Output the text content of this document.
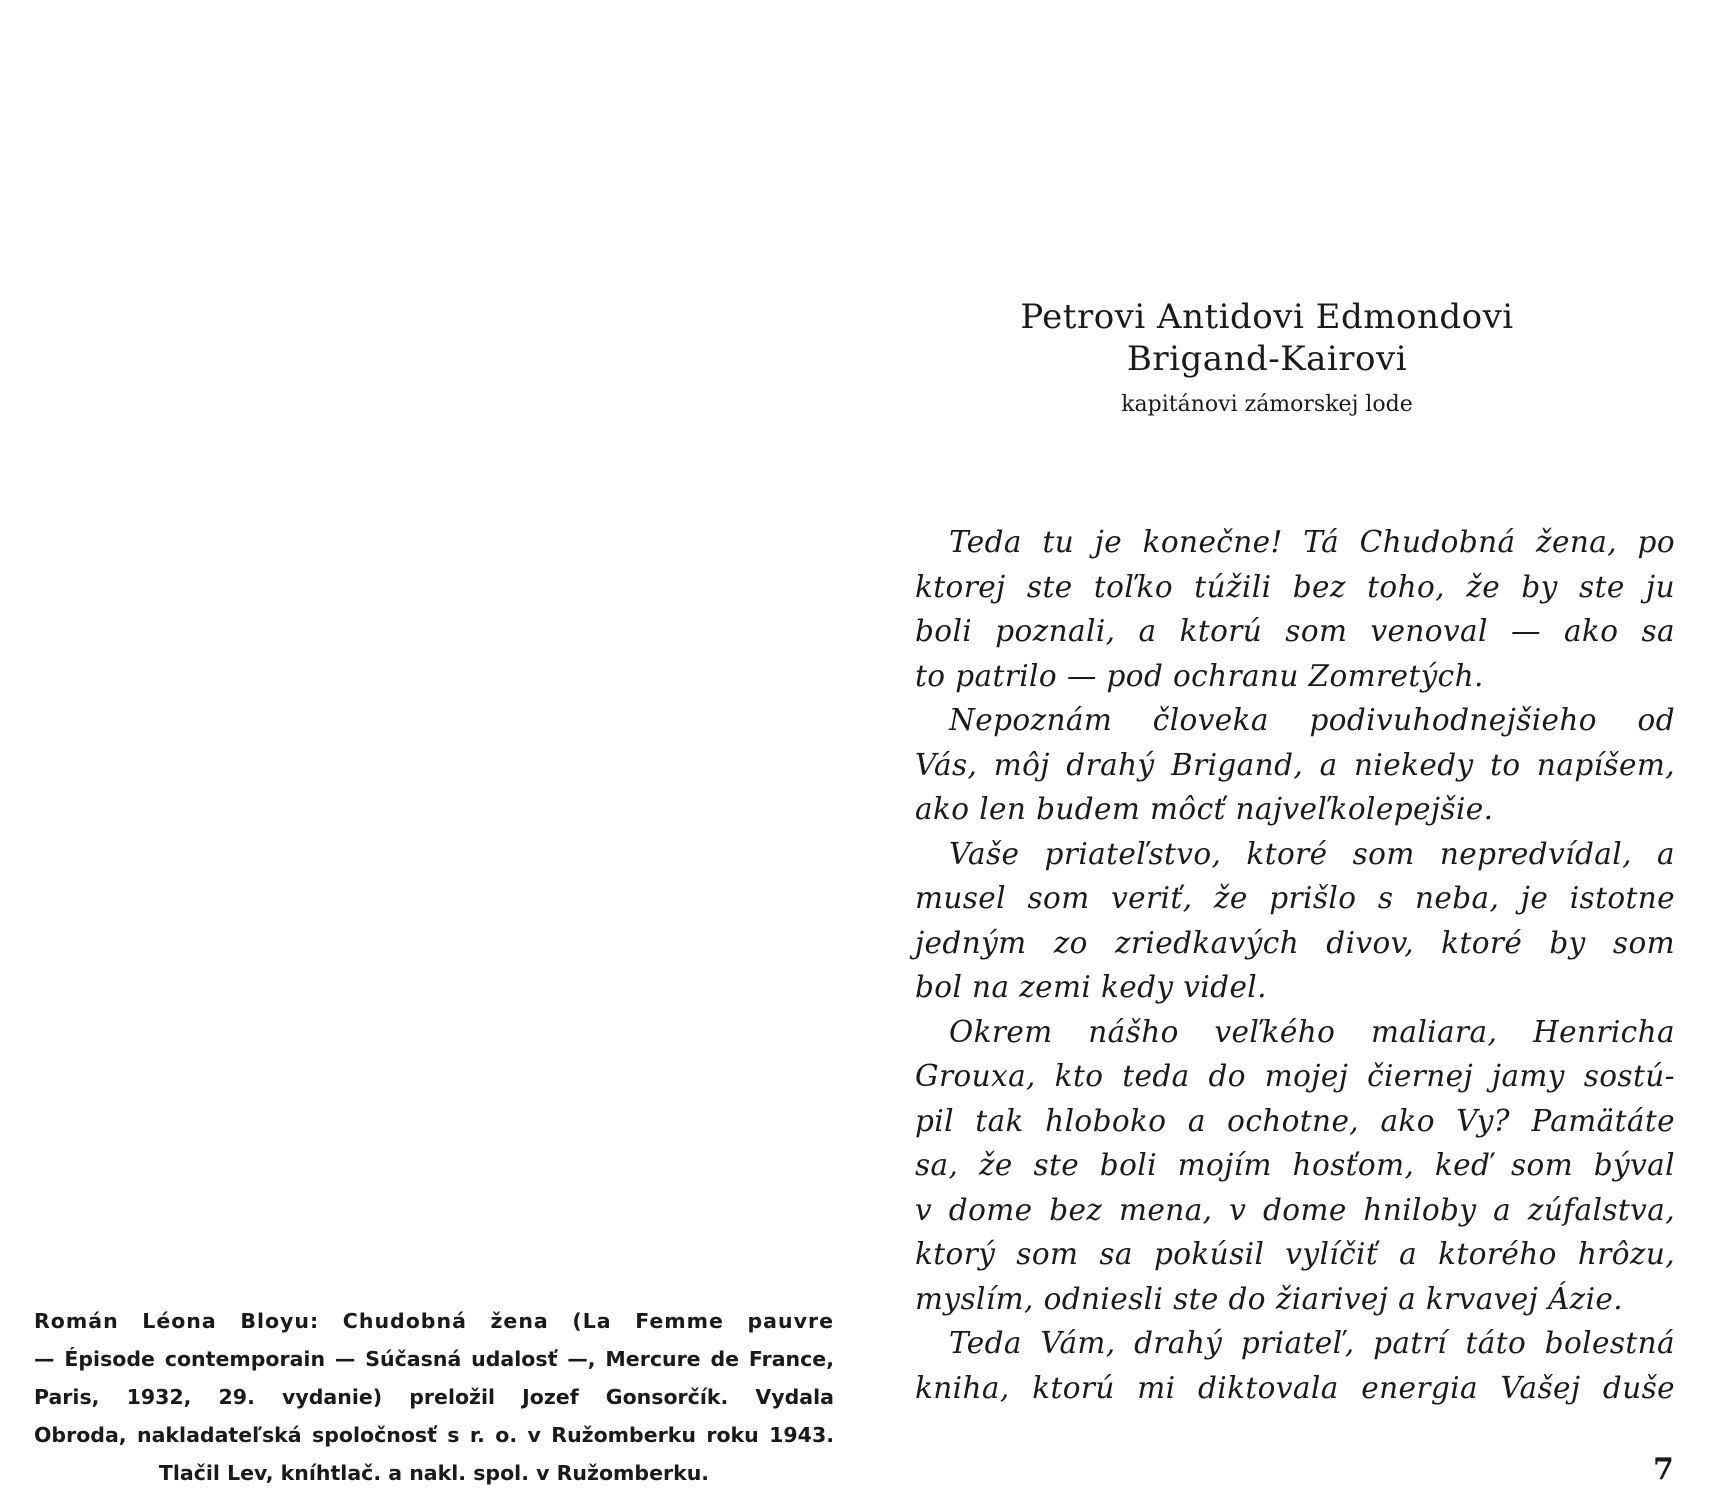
Román Léona Bloyu: Chudobná žena (La Femme pauvre
— Épisode contemporain — Súčasná udalosť —, Mercure de France,
Paris, 1932, 29. vydanie) preložil Jozef Gonsorčík. Vydala
Obroda, nakladateľská spoločnosť s r. o. v Ružomberku roku 1943.
Tlačil Lev, kníhtlač. a nakl. spol. v Ružomberku.
Petrovi Antidovi Edmondovi
Brigand-Kairovi
kapitánovi zámorskej lode
Teda tu je konečne! Tá Chudobná žena, po
ktorej ste toľko túžili bez toho, že by ste ju
boli poznali, a ktorú som venoval — ako sa
to patrilo — pod ochranu Zomretých.
Nepoznám človeka podivuhodnejšieho od
Vás, môj drahý Brigand, a niekedy to napíšem,
ako len budem môcť najveľkolepejšie.
Vaše priateľstvo, ktoré som nepredvídal, a
musel som veriť, že prišlo s neba, je istotne
jedným zo zriedkavých divov, ktoré by som
bol na zemi kedy videl.
Okrem nášho veľkého maliara, Henricha
Grouxa, kto teda do mojej čiernej jamy sostú-
pil tak hloboko a ochotne, ako Vy? Pamätáte
sa, že ste boli mojím hosťom, keď som býval
v dome bez mena, v dome hniloby a zúfalstva,
ktorý som sa pokúsil vylíčiť a ktorého hrôzu,
myslím, odniesli ste do žiarivej a krvavej Ázie.
Teda Vám, drahý priateľ, patrí táto bolestná
kniha, ktorú mi diktovala energia Vašej duše
7
